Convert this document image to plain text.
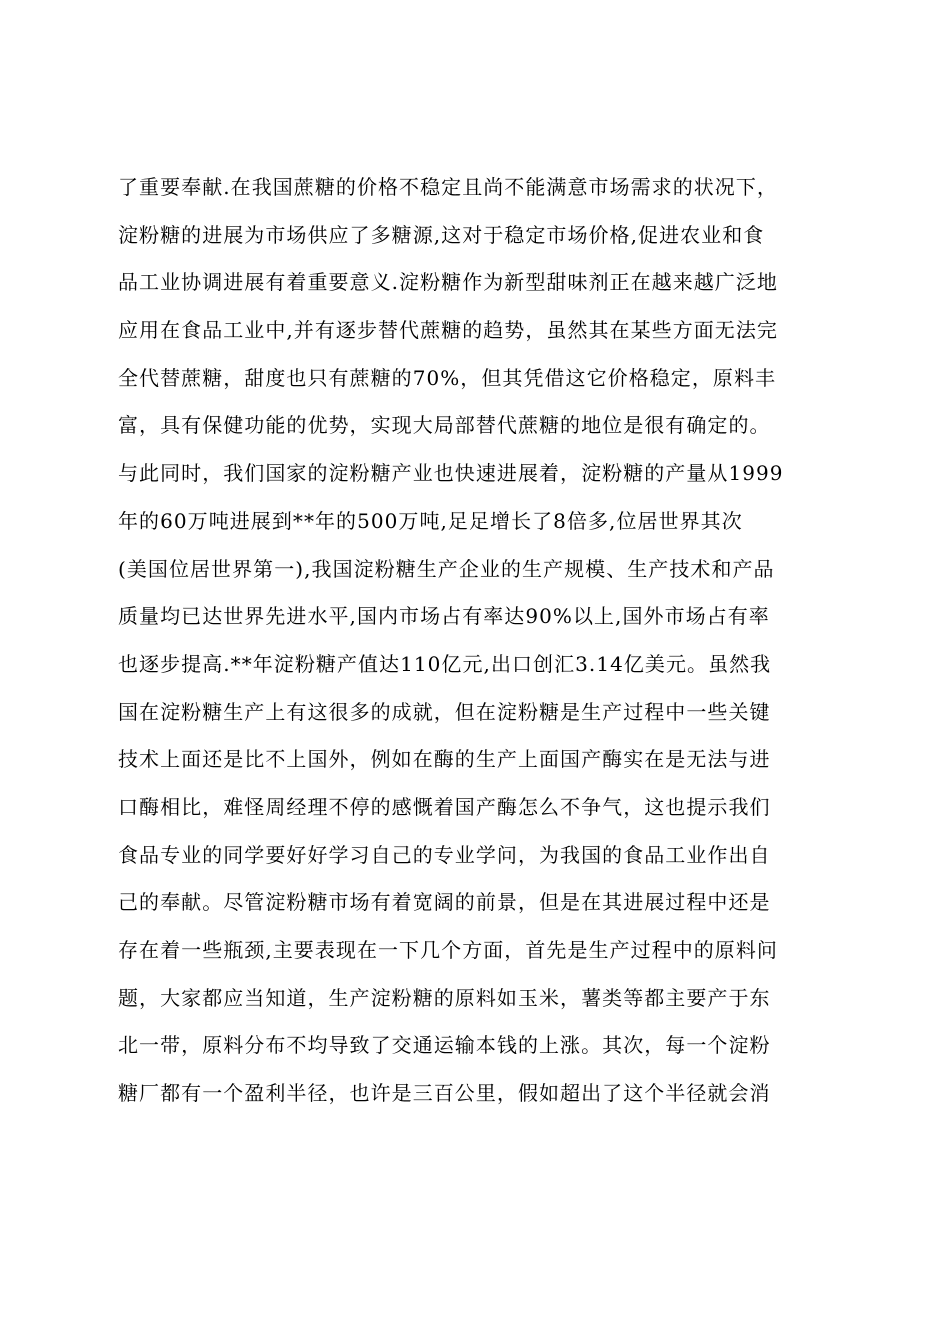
了重要奉献.在我国蔗糖的价格不稳定且尚不能满意市场需求的状况下，
淀粉糖的进展为市场供应了多糖源,这对于稳定市场价格,促进农业和食
品工业协调进展有着重要意义.淀粉糖作为新型甜味剂正在越来越广泛地
应用在食品工业中,并有逐步替代蔗糖的趋势，虽然其在某些方面无法完
全代替蔗糖，甜度也只有蔗糖的70%，但其凭借这它价格稳定，原料丰
富，具有保健功能的优势，实现大局部替代蔗糖的地位是很有确定的。
与此同时，我们国家的淀粉糖产业也快速进展着，淀粉糖的产量从1999
年的60万吨进展到**年的500万吨,足足增长了8倍多,位居世界其次
(美国位居世界第一),我国淀粉糖生产企业的生产规模、生产技术和产品
质量均已达世界先进水平,国内市场占有率达90%以上,国外市场占有率
也逐步提高.**年淀粉糖产值达110亿元,出口创汇3.14亿美元。虽然我
国在淀粉糖生产上有这很多的成就，但在淀粉糖是生产过程中一些关键
技术上面还是比不上国外，例如在酶的生产上面国产酶实在是无法与进
口酶相比，难怪周经理不停的感慨着国产酶怎么不争气，这也提示我们
食品专业的同学要好好学习自己的专业学问，为我国的食品工业作出自
己的奉献。尽管淀粉糖市场有着宽阔的前景，但是在其进展过程中还是
存在着一些瓶颈,主要表现在一下几个方面，首先是生产过程中的原料问
题，大家都应当知道，生产淀粉糖的原料如玉米，薯类等都主要产于东
北一带，原料分布不均导致了交通运输本钱的上涨。其次，每一个淀粉
糖厂都有一个盈利半径，也许是三百公里，假如超出了这个半径就会消
